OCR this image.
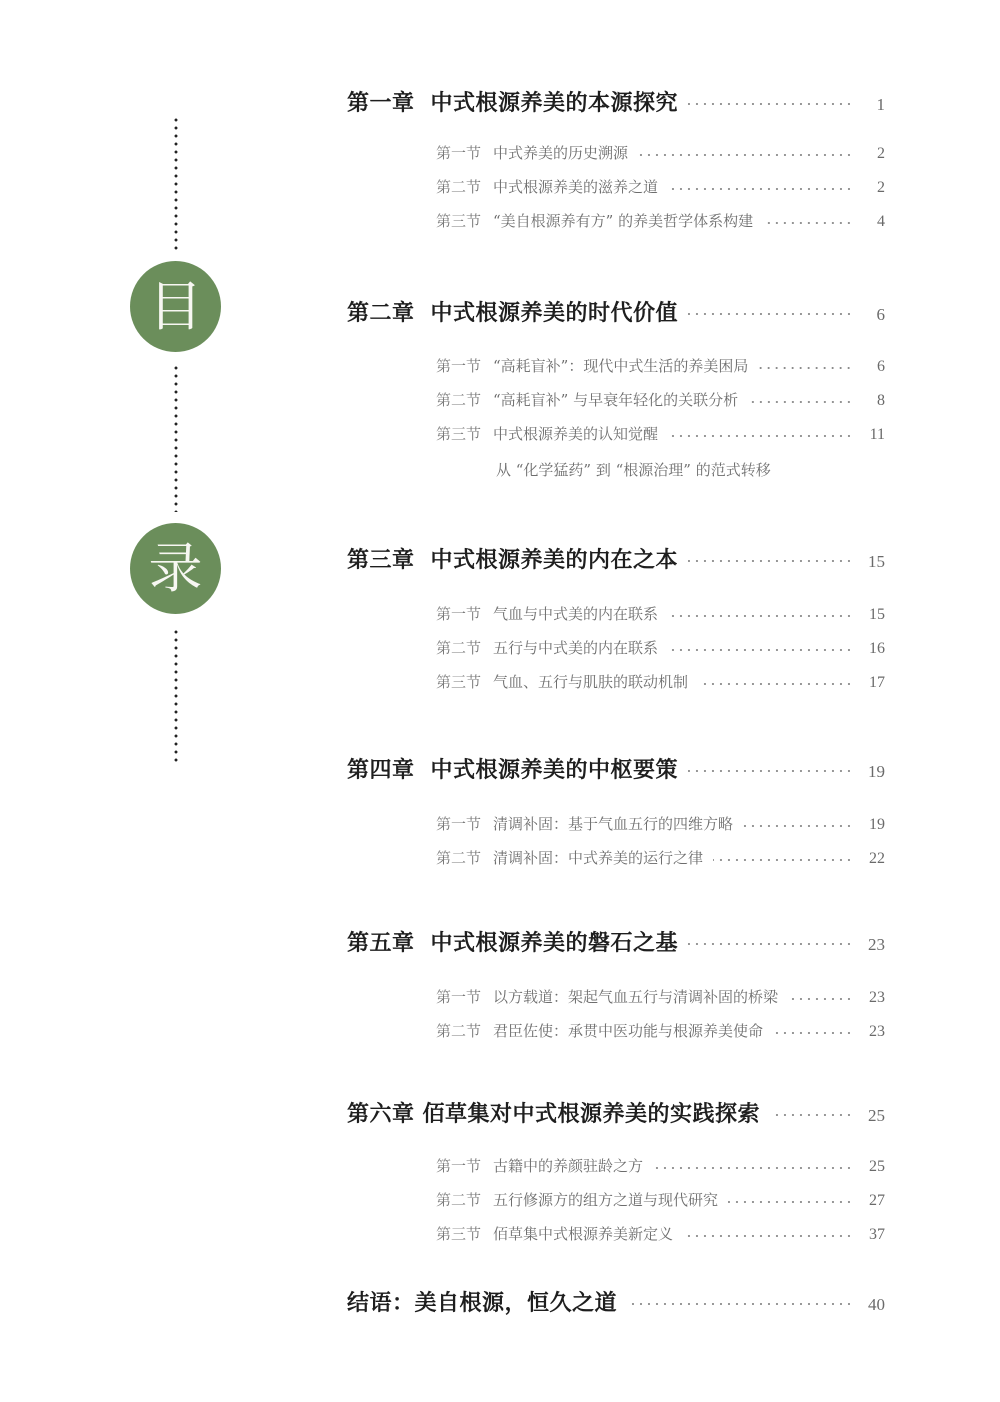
目
录
第一章 中式根源养美的本源探究	1
第一节 中式养美的历史溯源	2
第二节 中式根源养美的滋养之道	2
第三节 “美自根源养有方” 的养美哲学体系构建	4
第二章 中式根源养美的时代价值	6
第一节 “高耗盲补”：现代中式生活的养美困局	6
第二节 “高耗盲补” 与早衰年轻化的关联分析	8
第三节 中式根源养美的认知觉醒	11
从 “化学猛药” 到 “根源治理” 的范式转移
第三章 中式根源养美的内在之本	15
第一节 气血与中式美的内在联系	15
第二节 五行与中式美的内在联系	16
第三节 气血、五行与肌肤的联动机制	17
第四章 中式根源养美的中枢要策	19
第一节 清调补固：基于气血五行的四维方略	19
第二节 清调补固：中式养美的运行之律	22
第五章 中式根源养美的磐石之基	23
第一节 以方载道：架起气血五行与清调补固的桥梁	23
第二节 君臣佐使：承贯中医功能与根源养美使命	23
第六章 佰草集对中式根源养美的实践探索	25
第一节 古籍中的养颜驻龄之方	25
第二节 五行修源方的组方之道与现代研究	27
第三节 佰草集中式根源养美新定义	37
结语：美自根源，恒久之道	40
